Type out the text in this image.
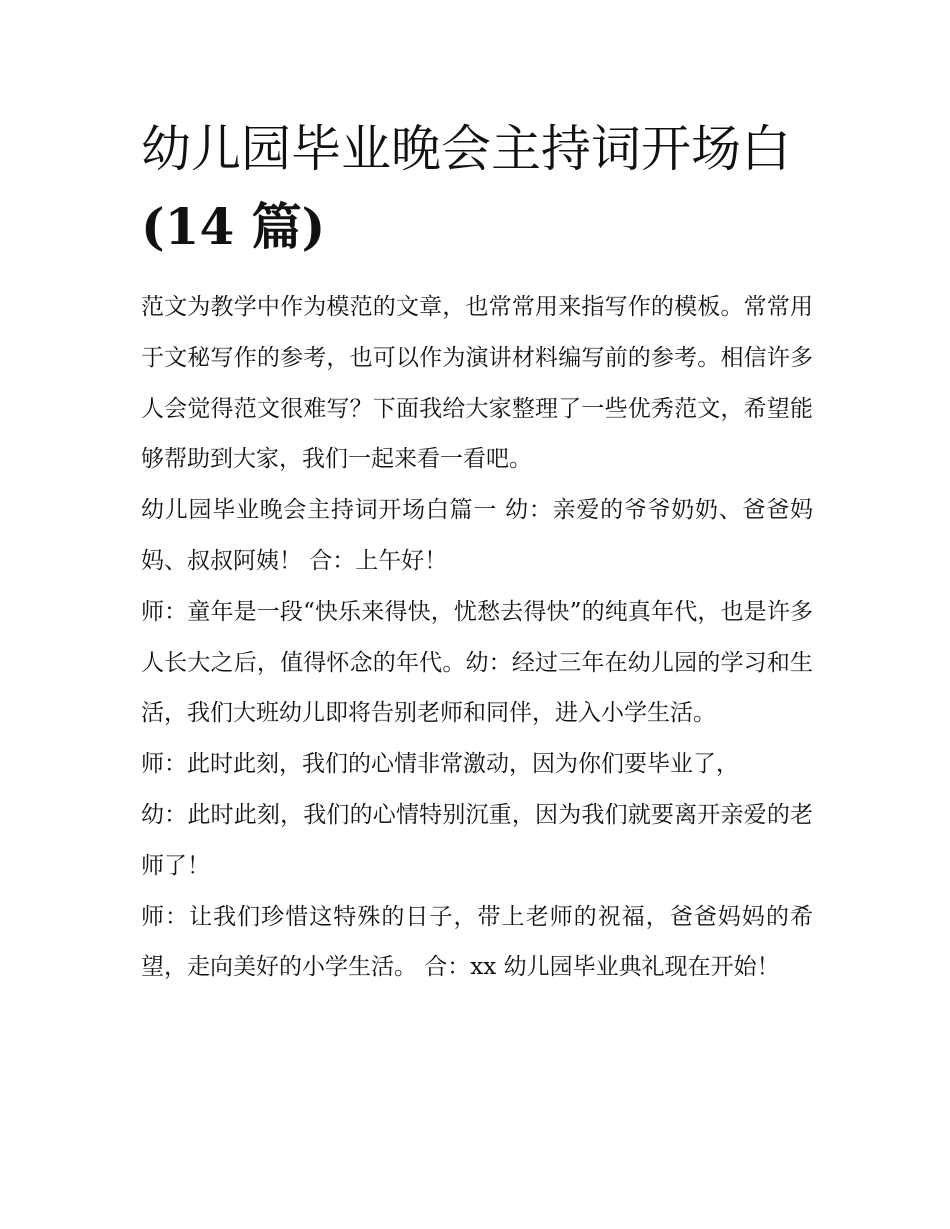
幼儿园毕业晚会主持词开场白
(14 篇)

范文为教学中作为模范的文章，也常常用来指写作的模板。常常用于文秘写作的参考，也可以作为演讲材料编写前的参考。相信许多人会觉得范文很难写？下面我给大家整理了一些优秀范文，希望能够帮助到大家，我们一起来看一看吧。

幼儿园毕业晚会主持词开场白篇一 幼：亲爱的爷爷奶奶、爸爸妈妈、叔叔阿姨！ 合：上午好！

师：童年是一段“快乐来得快，忧愁去得快”的纯真年代，也是许多人长大之后，值得怀念的年代。幼：经过三年在幼儿园的学习和生活，我们大班幼儿即将告别老师和同伴，进入小学生活。

师：此时此刻，我们的心情非常激动，因为你们要毕业了，

幼：此时此刻，我们的心情特别沉重，因为我们就要离开亲爱的老师了！

师：让我们珍惜这特殊的日子，带上老师的祝福，爸爸妈妈的希望，走向美好的小学生活。 合：xx 幼儿园毕业典礼现在开始！
